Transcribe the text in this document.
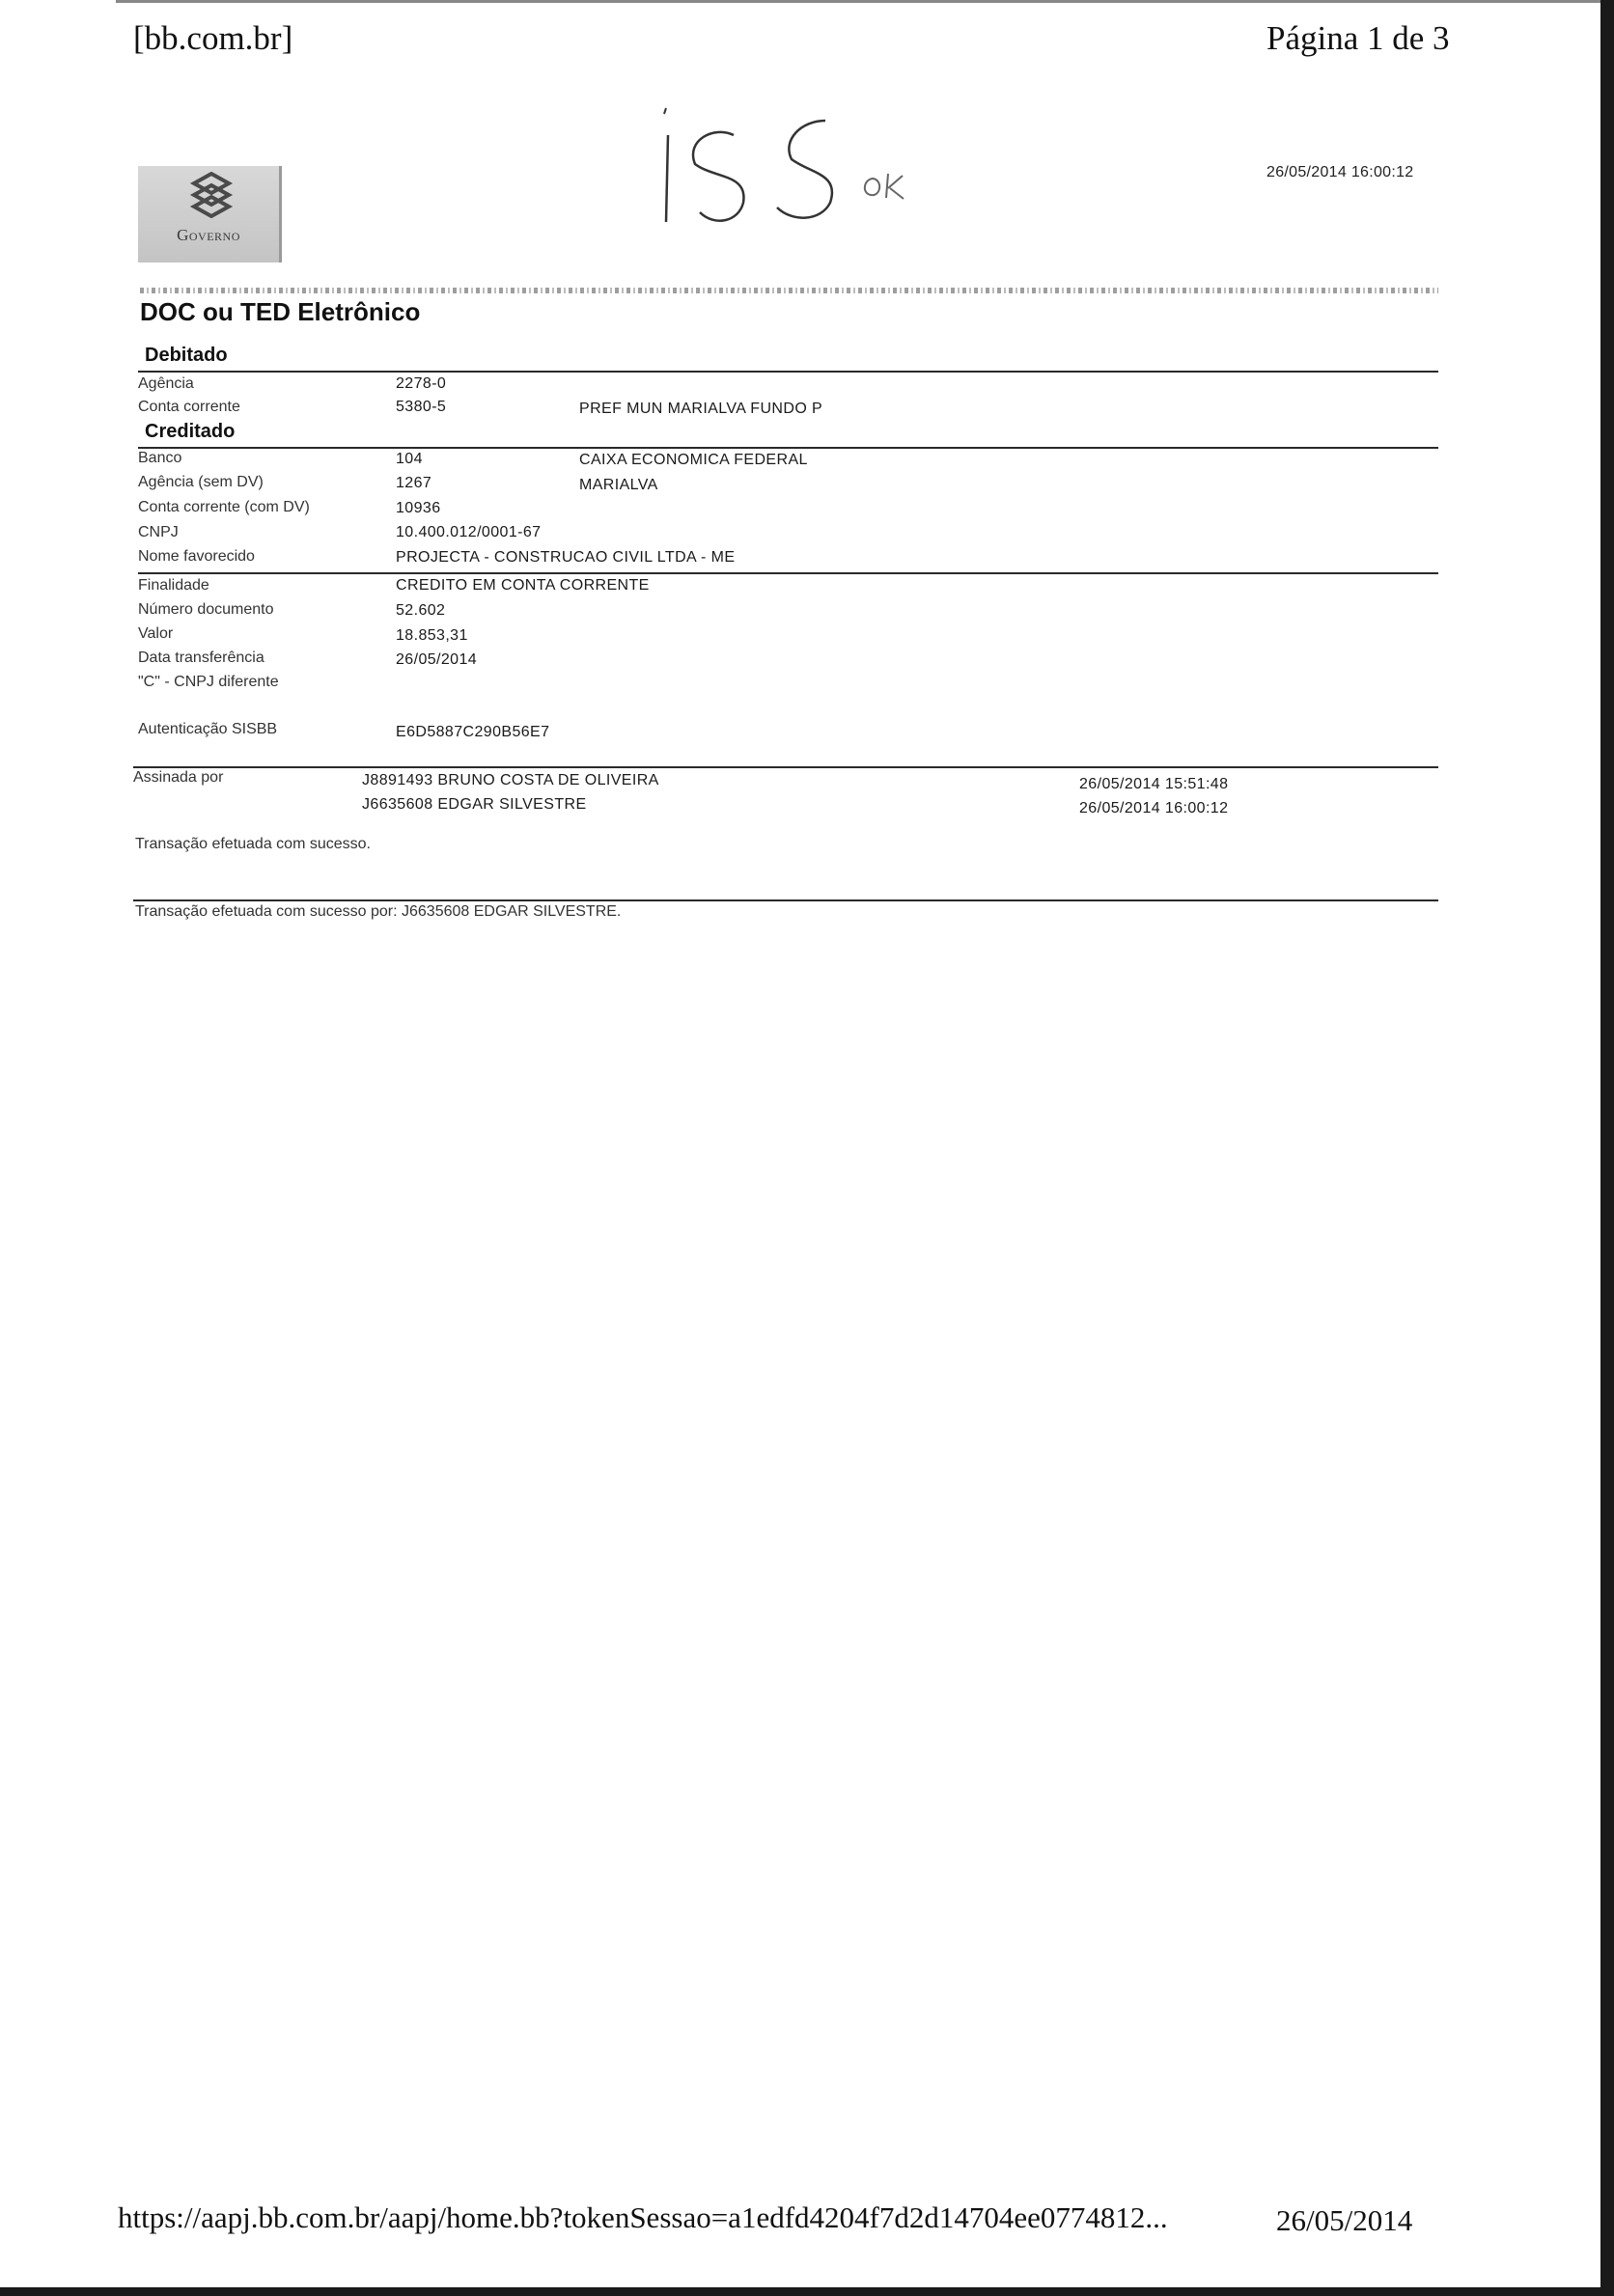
[bb.com.br]	Página 1 de 3
26/05/2014 16:00:12
Governo
DOC ou TED Eletrônico
Debitado
Agência	2278-0
Conta corrente	5380-5	PREF MUN MARIALVA FUNDO P
Creditado
Banco	104	CAIXA ECONOMICA FEDERAL
Agência (sem DV)	1267	MARIALVA
Conta corrente (com DV)	10936
CNPJ	10.400.012/0001-67
Nome favorecido	PROJECTA - CONSTRUCAO CIVIL LTDA - ME
Finalidade	CREDITO EM CONTA CORRENTE
Número documento	52.602
Valor	18.853,31
Data transferência	26/05/2014
"C" - CNPJ diferente
Autenticação SISBB	E6D5887C290B56E7
Assinada por	J8891493 BRUNO COSTA DE OLIVEIRA	26/05/2014 15:51:48
J6635608 EDGAR SILVESTRE	26/05/2014 16:00:12
Transação efetuada com sucesso.
Transação efetuada com sucesso por: J6635608 EDGAR SILVESTRE.
https://aapj.bb.com.br/aapj/home.bb?tokenSessao=a1edfd4204f7d2d14704ee0774812...	26/05/2014
